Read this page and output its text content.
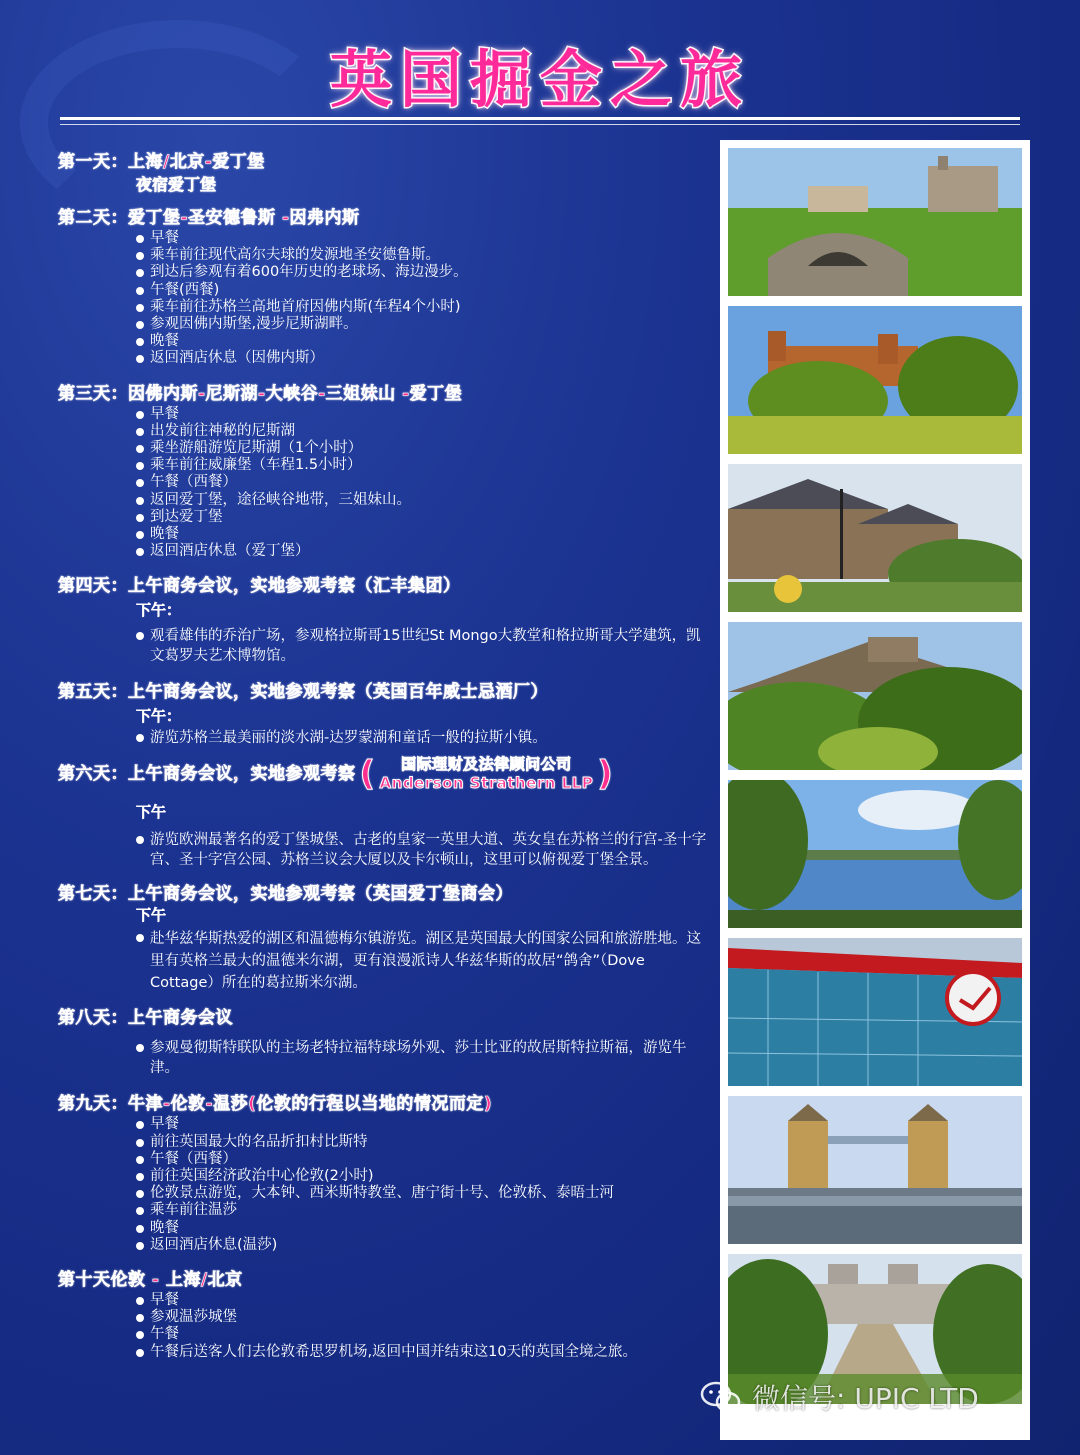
英国掘金之旅
第一天： 上海/北京-爱丁堡
夜宿爱丁堡
第二天： 爱丁堡-圣安德鲁斯 -因弗内斯
早餐
乘车前往现代高尔夫球的发源地圣安德鲁斯。
到达后参观有着600年历史的老球场、海边漫步。
午餐(西餐)
乘车前往苏格兰高地首府因佛内斯(车程4个小时)
参观因佛内斯堡,漫步尼斯湖畔。
晚餐
返回酒店休息（因佛内斯）
第三天： 因佛内斯-尼斯湖-大峡谷-三姐妹山 -爱丁堡
早餐
出发前往神秘的尼斯湖
乘坐游船游览尼斯湖（1个小时）
乘车前往威廉堡（车程1.5小时）
午餐（西餐）
返回爱丁堡，途径峡谷地带，三姐妹山。
到达爱丁堡
晚餐
返回酒店休息（爱丁堡）
第四天： 上午商务会议，实地参观考察（汇丰集团）
下午：
观看雄伟的乔治广场，参观格拉斯哥15世纪St Mongo大教堂和格拉斯哥大学建筑，凯文葛罗夫艺术博物馆。
第五天： 上午商务会议，实地参观考察（英国百年威士忌酒厂）
下午：
游览苏格兰最美丽的淡水湖-达罗蒙湖和童话一般的拉斯小镇。
第六天： 上午商务会议，实地参观考察 (	国际理财及法律顾问公司
Anderson Strathern LLP )
下午
游览欧洲最著名的爱丁堡城堡、古老的皇家一英里大道、英女皇在苏格兰的行宫-圣十字宫、圣十字宫公园、苏格兰议会大厦以及卡尔顿山，这里可以俯视爱丁堡全景。
第七天： 上午商务会议，实地参观考察（英国爱丁堡商会）
下午
赴华兹华斯热爱的湖区和温德梅尔镇游览。湖区是英国最大的国家公园和旅游胜地。这里有英格兰最大的温德米尔湖，更有浪漫派诗人华兹华斯的故居“鸽舍”（Dove Cottage）所在的葛拉斯米尔湖。
第八天： 上午商务会议
参观曼彻斯特联队的主场老特拉福特球场外观、莎士比亚的故居斯特拉斯福，游览牛津。
第九天： 牛津-伦敦-温莎(伦敦的行程以当地的情况而定)
早餐
前往英国最大的名品折扣村比斯特
午餐（西餐）
前往英国经济政治中心伦敦(2小时)
伦敦景点游览，大本钟、西米斯特教堂、唐宁街十号、伦敦桥、泰晤士河
乘车前往温莎
晚餐
返回酒店休息(温莎)
第十天 伦敦 - 上海/北京
早餐
参观温莎城堡
午餐
午餐后送客人们去伦敦希思罗机场,返回中国并结束这10天的英国全境之旅。
微信号: UPIC LTD
